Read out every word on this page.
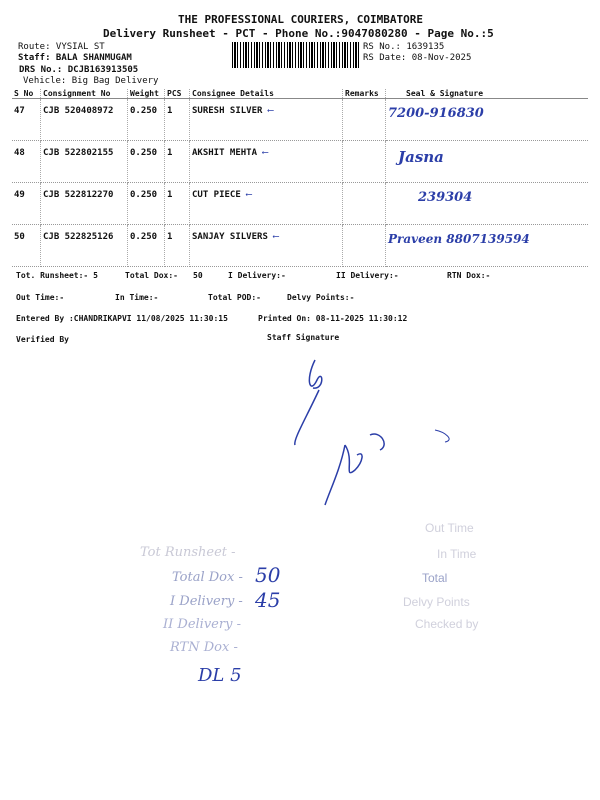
THE PROFESSIONAL COURIERS, COIMBATORE
Delivery Runsheet - PCT - Phone No.:9047080280 - Page No.:5
Route: VYSIAL ST
Staff: BALA SHANMUGAM
DRS No.: DCJB163913505
Vehicle: Big Bag Delivery
RS No.: 1639135
RS Date: 08-Nov-2025
S No	Consignment No	Weight	PCS	Consignee Details	Remarks	Seal & Signature
47	CJB 520408972	0.250	1	SURESH SILVER ⟵		7200-916830
48	CJB 522802155	0.250	1	AKSHIT MEHTA ⟵		Jasna
49	CJB 522812270	0.250	1	CUT PIECE ⟵		239304
50	CJB 522825126	0.250	1	SANJAY SILVERS ⟵		Praveen 8807139594
Tot. Runsheet:- 5	Total Dox:- 50	I Delivery:-	II Delivery:-	RTN Dox:-
Out Time:-	In Time:-	Total POD:-	Delvy Points:-
Entered By :CHANDRIKAPVI 11/08/2025 11:30:15	Printed On: 08-11-2025 11:30:12
Verified By	Staff Signature
Tot Runsheet -
Total Dox - 50
I Delivery - 45
II Delivery -
RTN Dox -
DL 5
Out Time
In Time
Total
Delvy Points
Checked by
